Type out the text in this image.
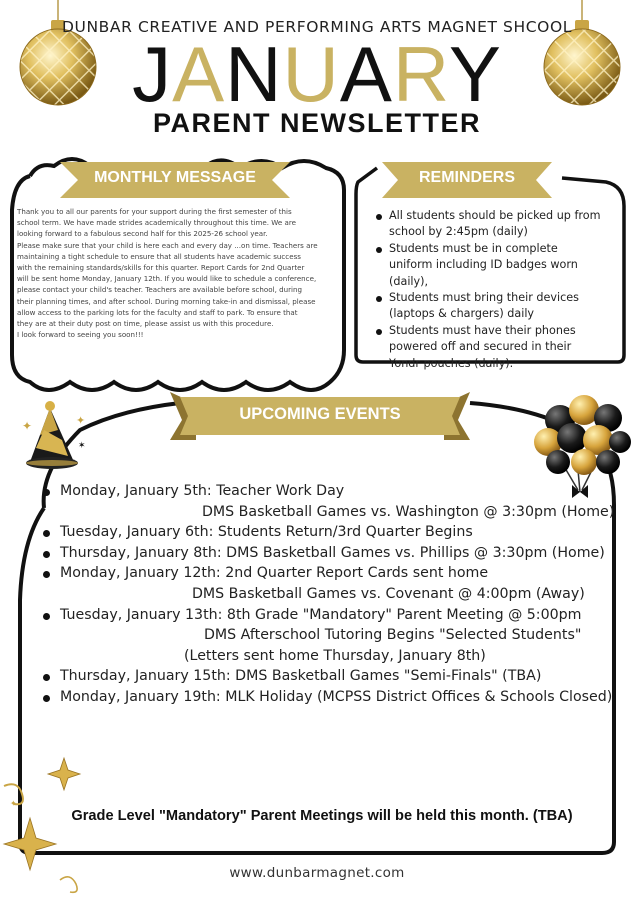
✦	✦
✶
✦
DUNBAR CREATIVE AND PERFORMING ARTS MAGNET SHCOOL
JANUARY
PARENT NEWSLETTER
MONTHLY MESSAGE	REMINDERS
UPCOMING EVENTS

Thank you to all our parents for your support during the first semester of this

school term. We have made strides academically throughout this time. We are

looking forward to a fabulous second half for this 2025-26 school year.

Please make sure that your child is here each and every day ...on time. Teachers are

maintaining a tight schedule to ensure that all students have academic success

with the remaining standards/skills for this quarter. Report Cards for 2nd Quarter

will be sent home Monday, January 12th. If you would like to schedule a conference,

please contact your child's teacher. Teachers are available before school, during

their planning times, and after school. During morning take-in and dismissal, please

allow access to the parking lots for the faculty and staff to park. To ensure that

they are at their duty post on time, please assist us with this procedure.

I look forward to seeing you soon!!!

All students should be picked up from school by 2:45pm (daily)
Students must be in complete uniform including ID badges worn (daily),
Students must bring their devices (laptops & chargers) daily
Students must have their phones powered off and secured in their Yondr pouches (daily).
Monday, January 5th: Teacher Work Day
DMS Basketball Games vs. Washington @ 3:30pm (Home)
Tuesday, January 6th: Students Return/3rd Quarter Begins
Thursday, January 8th: DMS Basketball Games vs. Phillips @ 3:30pm (Home)
Monday, January 12th: 2nd Quarter Report Cards sent home
DMS Basketball Games vs. Covenant @ 4:00pm (Away)
Tuesday, January 13th: 8th Grade "Mandatory" Parent Meeting @ 5:00pm
DMS Afterschool Tutoring Begins "Selected Students"
(Letters sent home Thursday, January 8th)
Thursday, January 15th: DMS Basketball Games "Semi-Finals" (TBA)
Monday, January 19th: MLK Holiday (MCPSS District Offices & Schools Closed)
Grade Level "Mandatory" Parent Meetings will be held this month. (TBA)
www.dunbarmagnet.com
